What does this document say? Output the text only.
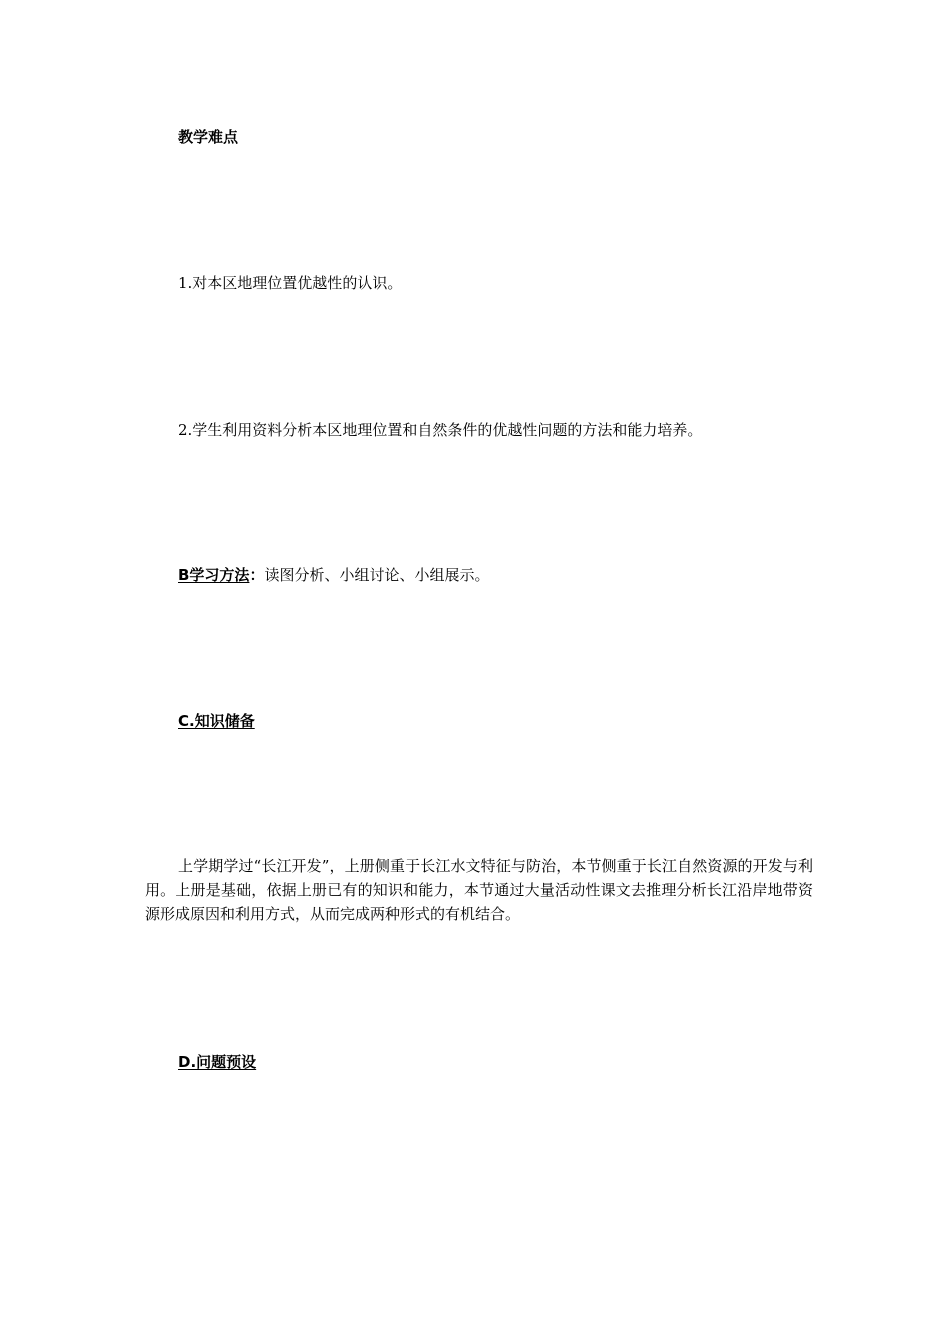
教学难点
1.对本区地理位置优越性的认识。
2.学生利用资料分析本区地理位置和自然条件的优越性问题的方法和能力培养。
B学习方法：读图分析、小组讨论、小组展示。
C.知识储备
上学期学过“长江开发”，上册侧重于长江水文特征与防治，本节侧重于长江自然资源的开发与利用。上册是基础，依据上册已有的知识和能力，本节通过大量活动性课文去推理分析长江沿岸地带资源形成原因和利用方式，从而完成两种形式的有机结合。
D.问题预设
